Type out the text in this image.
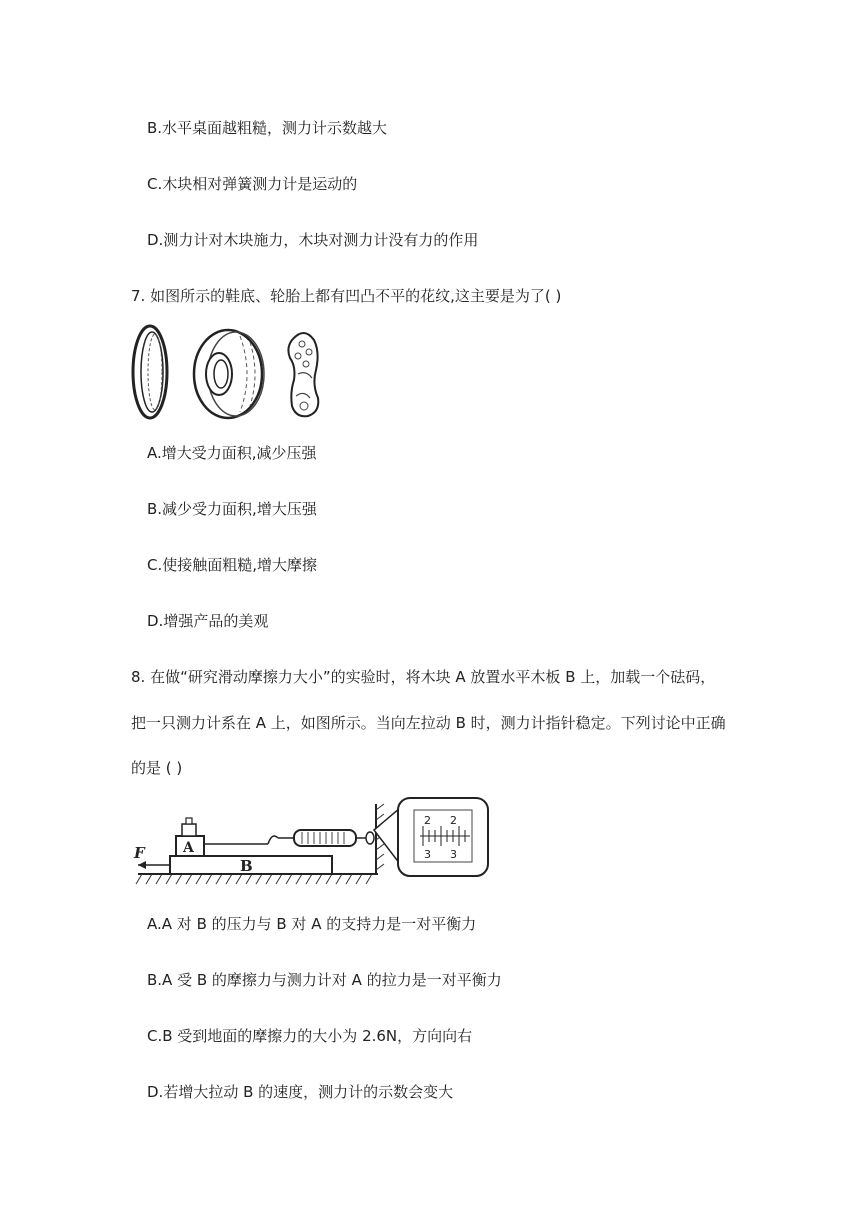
B.水平桌面越粗糙，测力计示数越大
C.木块相对弹簧测力计是运动的
D.测力计对木块施力，木块对测力计没有力的作用
7. 如图所示的鞋底、轮胎上都有凹凸不平的花纹,这主要是为了( )
A.增大受力面积,减少压强
B.减少受力面积,增大压强
C.使接触面粗糙,增大摩擦
D.增强产品的美观
8. 在做“研究滑动摩擦力大小”的实验时，将木块 A 放置水平木板 B 上，加载一个砝码，
把一只测力计系在 A 上，如图所示。当向左拉动 B 时，测力计指针稳定。下列讨论中正确
的是 ( )
B
F	A
2 2
3 3
A.A 对 B 的压力与 B 对 A 的支持力是一对平衡力
B.A 受 B 的摩擦力与测力计对 A 的拉力是一对平衡力
C.B 受到地面的摩擦力的大小为 2.6N，方向向右
D.若增大拉动 B 的速度，测力计的示数会变大
